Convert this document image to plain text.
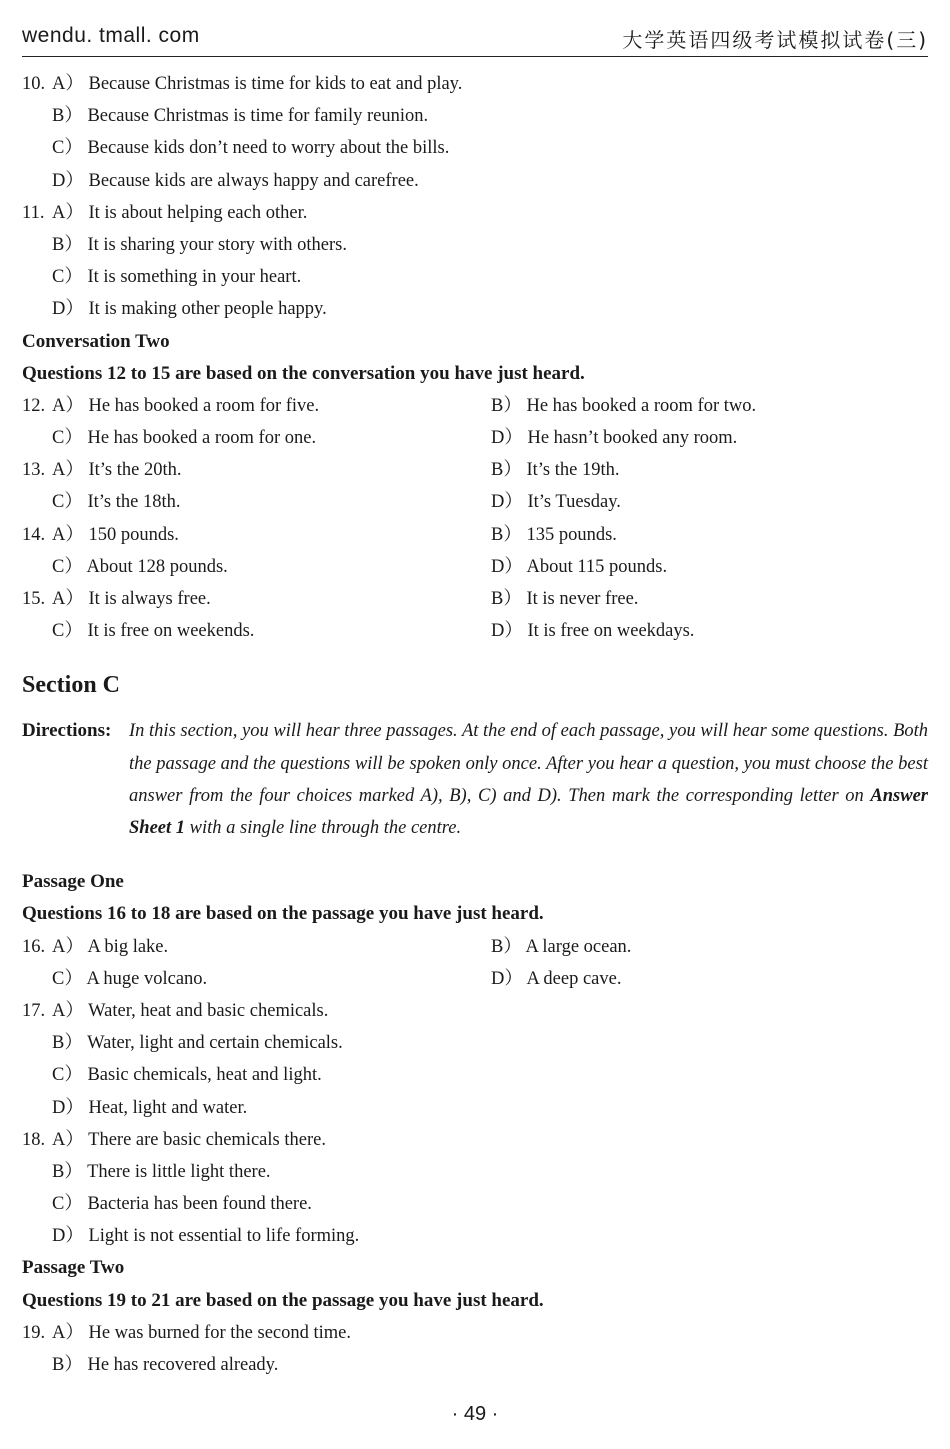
wendu. tmall. com	大学英语四级考试模拟试卷(三)
10. A） Because Christmas is time for kids to eat and play.
B） Because Christmas is time for family reunion.
C） Because kids don’t need to worry about the bills.
D） Because kids are always happy and carefree.
11. A） It is about helping each other.
B） It is sharing your story with others.
C） It is something in your heart.
D） It is making other people happy.
Conversation Two
Questions 12 to 15 are based on the conversation you have just heard.
12. A） He has booked a room for five.	B） He has booked a room for two.
C） He has booked a room for one.	D） He hasn’t booked any room.
13. A） It’s the 20th.	B） It’s the 19th.
C） It’s the 18th.	D） It’s Tuesday.
14. A） 150 pounds.	B） 135 pounds.
C） About 128 pounds.	D） About 115 pounds.
15. A） It is always free.	B） It is never free.
C） It is free on weekends.	D） It is free on weekdays.
Section C
Directions: In this section, you will hear three passages. At the end of each passage, you will hear some questions. Both the passage and the questions will be spoken only once. After you hear a question, you must choose the best answer from the four choices marked A), B), C) and D). Then mark the corresponding letter on Answer Sheet 1 with a single line through the centre.
Passage One
Questions 16 to 18 are based on the passage you have just heard.
16. A） A big lake.	B） A large ocean.
C） A huge volcano.	D） A deep cave.
17. A） Water, heat and basic chemicals.
B） Water, light and certain chemicals.
C） Basic chemicals, heat and light.
D） Heat, light and water.
18. A） There are basic chemicals there.
B） There is little light there.
C） Bacteria has been found there.
D） Light is not essential to life forming.
Passage Two
Questions 19 to 21 are based on the passage you have just heard.
19. A） He was burned for the second time.
B） He has recovered already.
· 49 ·
